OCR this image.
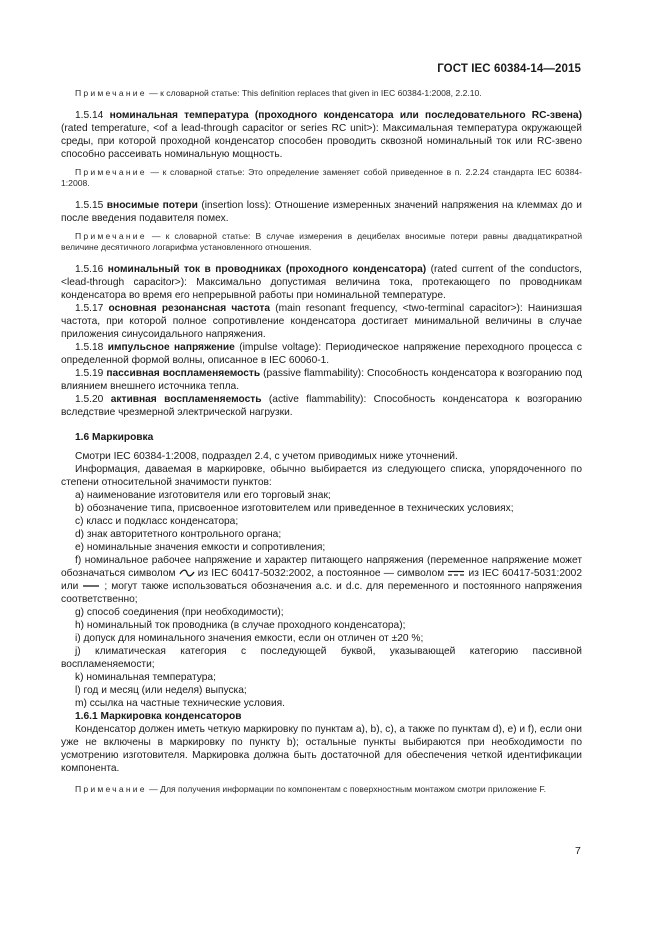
ГОСТ IEC 60384-14—2015

Примечание — к словарной статье: This definition replaces that given in IEC 60384-1:2008, 2.2.10.

1.5.14 номинальная температура (проходного конденсатора или последовательного RC-звена) (rated temperature, <of a lead-through capacitor or series RC unit>): Максимальная температура окружающей среды, при которой проходной конденсатор способен проводить сквозной номинальный ток или RC-звено способно рассеивать номинальную мощность.

Примечание — к словарной статье: Это определение заменяет собой приведенное в п. 2.2.24 стандарта IEC 60384-1:2008.

1.5.15 вносимые потери (insertion loss): Отношение измеренных значений напряжения на клеммах до и после введения подавителя помех.

Примечание — к словарной статье: В случае измерения в децибелах вносимые потери равны двадцатикратной величине десятичного логарифма установленного отношения.

1.5.16 номинальный ток в проводниках (проходного конденсатора) (rated current of the conductors, <lead-through capacitor>): Максимально допустимая величина тока, протекающего по проводникам конденсатора во время его непрерывной работы при номинальной температуре.

1.5.17 основная резонансная частота (main resonant frequency, <two-terminal capacitor>): Наинизшая частота, при которой полное сопротивление конденсатора достигает минимальной величины в случае приложения синусоидального напряжения.

1.5.18 импульсное напряжение (impulse voltage): Периодическое напряжение переходного процесса с определенной формой волны, описанное в IEC 60060-1.

1.5.19 пассивная воспламеняемость (passive flammability): Способность конденсатора к возгоранию под влиянием внешнего источника тепла.

1.5.20 активная воспламеняемость (active flammability): Способность конденсатора к возгоранию вследствие чрезмерной электрической нагрузки.

1.6 Маркировка

Смотри IEC 60384-1:2008, подраздел 2.4, с учетом приводимых ниже уточнений.

Информация, даваемая в маркировке, обычно выбирается из следующего списка, упорядоченного по степени относительной значимости пунктов:

a) наименование изготовителя или его торговый знак;

b) обозначение типа, присвоенное изготовителем или приведенное в технических условиях;

c) класс и подкласс конденсатора;

d) знак авторитетного контрольного органа;

e) номинальные значения емкости и сопротивления;

f) номинальное рабочее напряжение и характер питающего напряжения (переменное напряжение может обозначаться символом  из IEC 60417-5032:2002, а постоянное — символом  из IEC 60417-5031:2002 или  ; могут также использоваться обозначения a.c. и d.c. для переменного и постоянного напряжения соответственно;

g) способ соединения (при необходимости);

h) номинальный ток проводника (в случае проходного конденсатора);

i) допуск для номинального значения емкости, если он отличен от ±20 %;

j) климатическая категория с последующей буквой, указывающей категорию пассивной воспламеняемости;

k) номинальная температура;

l) год и месяц (или неделя) выпуска;

m) ссылка на частные технические условия.

1.6.1 Маркировка конденсаторов

Конденсатор должен иметь четкую маркировку по пунктам a), b), c), а также по пунктам d), e) и f), если они уже не включены в маркировку по пункту b); остальные пункты выбираются при необходимости по усмотрению изготовителя. Маркировка должна быть достаточной для обеспечения четкой идентификации компонента.

Примечание — Для получения информации по компонентам с поверхностным монтажом смотри приложение F.

7
